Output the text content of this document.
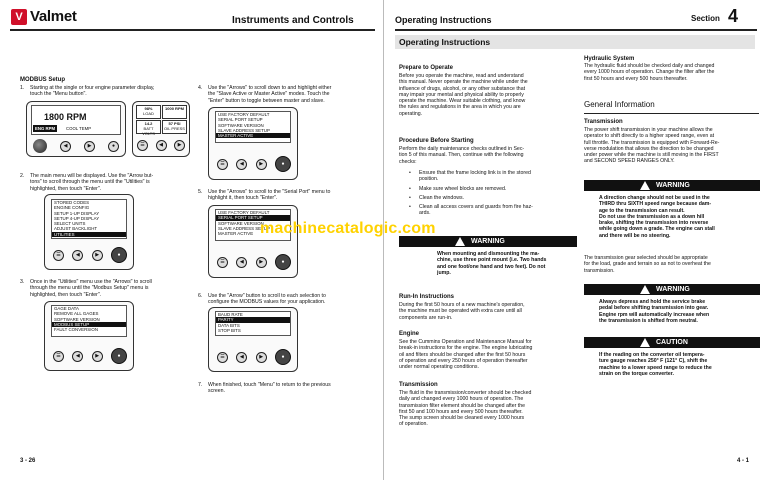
V Valmet	Instruments and Controls
MODBUS Setup
1. Starting at the single or four engine parameter display,
touch the "Menu button".
1800 RPM
ENG RPM	COOL TEMP
◀	▶	●
98%
LOAD
1000 RPM
14.2
BATT VOLTS
57 PSI
OIL PRESS
☰	◀	▶
2. The main menu will be displayed. Use the "Arrow but-
tons" to scroll through the menu until the "Utilities" is
highlighted, then touch "Enter".
STORED CODES
ENGINE CONFIG
SETUP 1-UP DISPLAY
SETUP 4-UP DISPLAY
SELECT UNITS
ADJUST BACKLIGHT
UTILITIES
☰	◀	▶	●
3. Once in the "Utilities" menu use the "Arrows" to scroll
through the menu until the "Modbus Setup" menu is
highlighted, then touch "Enter".
GAGE DATA
REMOVE ALL GAGES
SOFTWARE VERSION
MODBUS SETUP
FAULT CONVERSION
☰	◀	▶	●
3 - 26
4. Use the "Arrows" to scroll down to and highlight either
the "Slave Active or Master Active" modes. Touch the
"Enter" button to toggle between master and slave.
USE FACTORY DEFAULT
SERIAL PORT SETUP
SOFTWARE VERSION
SLAVE ADDRESS SETUP
MASTER ACTIVE
☰	◀	▶	●
5. Use the "Arrows" to scroll to the "Serial Port" menu to
highlight it, then touch "Enter".
USE FACTORY DEFAULT
SERIAL PORT SETUP
SOFTWARE VERSION
SLAVE ADDRESS SETUP
MASTER ACTIVE
☰	◀	▶	●
6. Use the "Arrow" button to scroll to each selection to
configure the MODBUS values for your application.
BAUD RATE
PARITY
DATA BITS
STOP BITS
☰	◀	▶	●
7. When finished, touch "Menu" to return to the previous
screen.
Operating Instructions	Section 4
Operating Instructions
Prepare to Operate
Before you operate the machine, read and understand
this manual. Never operate the machine while under the
influence of drugs, alcohol, or any other substance that
may impair your mental and physical ability to properly
operate the machine. Wear suitable clothing, and know
the rules and regulations in the area in which you are
operating.
Procedure Before Starting
Perform the daily maintenance checks outlined in Sec-
tion 5 of this manual. Then, continue with the following
checks:
• Ensure that the frame locking link is in the stored
position.
• Make sure wheel blocks are removed.
• Clean the windows.
• Clean all access covers and guards from fire haz-
ards.
WARNING
When mounting and dismounting the ma-
chine, use three point mount (i.e. Two hands
and one foot/one hand and two feet). Do not
jump.
Run-In Instructions
During the first 50 hours of a new machine's operation,
the machine must be operated with extra care until all
components are run-in.
Engine
See the Cummins Operation and Maintenance Manual for
break-in instructions for the engine. The engine lubricating
oil and filters should be changed after the first 50 hours
of operation and every 250 hours of operation thereafter
under normal operating conditions.
Transmission
The fluid in the transmission/converter should be checked
daily and changed every 1000 hours of operation. The
transmission filter element should be changed after the
first 50 and 100 hours and every 500 hours thereafter.
The sump screen should be cleaned every 1000 hours
of operation.
Hydraulic System
The hydraulic fluid should be checked daily and changed
every 1000 hours of operation. Change the filter after the
first 50 hours and every 500 hours thereafter.
General Information
Transmission
The power shift transmission in your machine allows the
operator to shift directly to a higher speed range, even at
full throttle. The transmission is equipped with Forward-Re-
verse modulation that allows the direction to be changed
under power while the machine is still moving in the FIRST
and SECOND SPEED RANGES ONLY.
WARNING
A direction change should not be used in the
THIRD thru SIXTH speed range because dam-
age to the transmission can result.
Do not use the transmission as a down hill
brake, shifting the transmission into reverse
while going down a grade. The engine can stall
and there will be no steering.
The transmission gear selected should be appropriate
for the load, grade and terrain so as not to overheat the
transmission.
WARNING
Always depress and hold the service brake
pedal before shifting transmission into gear.
Engine rpm will automatically increase when
the transmission is shifted from neutral.
CAUTION
If the reading on the converter oil tempera-
ture gauge reaches 250° F (121° C), shift the
machine to a lower speed range to reduce the
strain on the torque converter.
4 - 1
machinecatalogic.com
